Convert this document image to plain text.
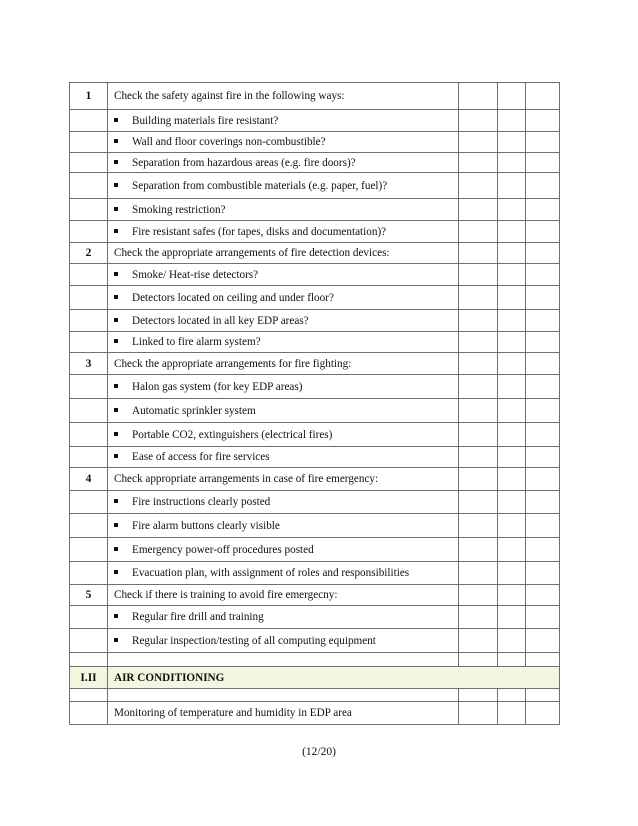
1	Check the safety against fire in the following ways:			
	Building materials fire resistant?			
	Wall and floor coverings non-combustible?			
	Separation from hazardous areas (e.g. fire doors)?			
	Separation from combustible materials (e.g. paper, fuel)?			
	Smoking restriction?			
	Fire resistant safes (for tapes, disks and documentation)?			
2	Check the appropriate arrangements of fire detection devices:			
	Smoke/ Heat-rise detectors?			
	Detectors located on ceiling and under floor?			
	Detectors located in all key EDP areas?			
	Linked to fire alarm system?			
3	Check the appropriate arrangements for fire fighting:			
	Halon gas system (for key EDP areas)			
	Automatic sprinkler system			
	Portable CO2, extinguishers (electrical fires)			
	Ease of access for fire services			
4	Check appropriate arrangements in case of fire emergency:			
	Fire instructions clearly posted			
	Fire alarm buttons clearly visible			
	Emergency power-off procedures posted			
	Evacuation plan, with assignment of roles and responsibilities			
5	Check if there is training to avoid fire emergecny:			
	Regular fire drill and training			
	Regular inspection/testing of all computing equipment			

I.II	AIR CONDITIONING			

	Monitoring of temperature and humidity in EDP area			
(12/20)
